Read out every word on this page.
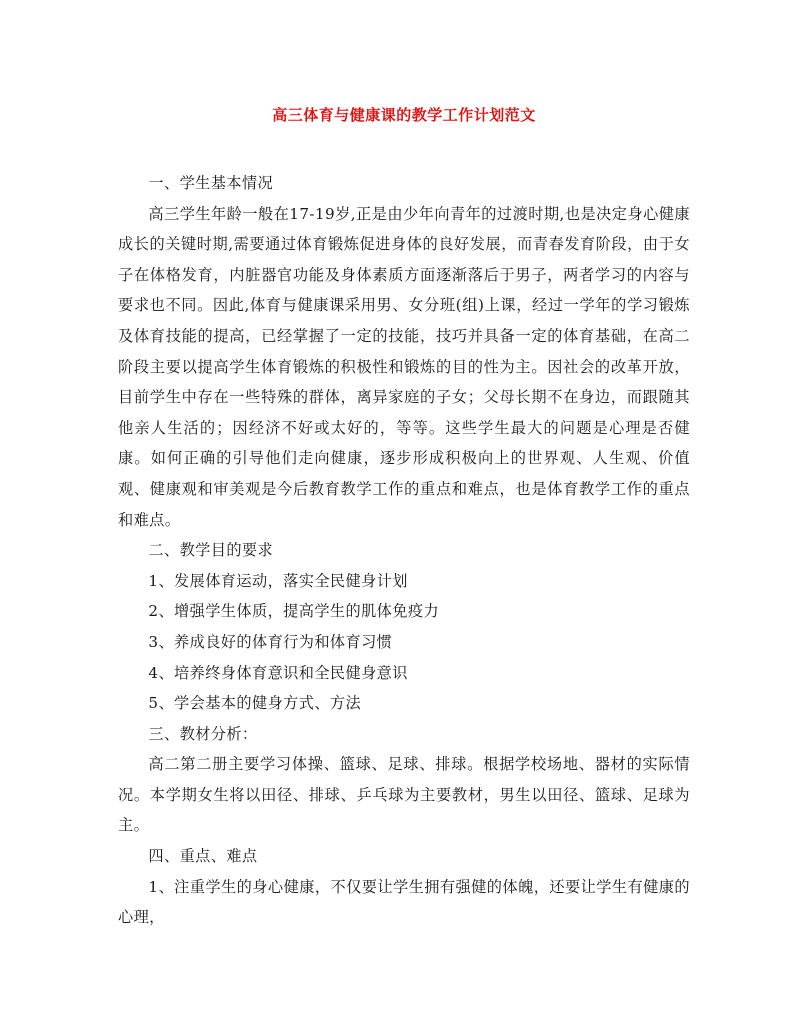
高三体育与健康课的教学工作计划范文

一、学生基本情况

高三学生年龄一般在17-19岁,正是由少年向青年的过渡时期,也是决定身心健康成长的关键时期,需要通过体育锻炼促进身体的良好发展，而青春发育阶段，由于女子在体格发育，内脏器官功能及身体素质方面逐渐落后于男子，两者学习的内容与要求也不同。因此,体育与健康课采用男、女分班(组)上课，经过一学年的学习锻炼及体育技能的提高，已经掌握了一定的技能，技巧并具备一定的体育基础，在高二阶段主要以提高学生体育锻炼的积极性和锻炼的目的性为主。因社会的改革开放，目前学生中存在一些特殊的群体，离异家庭的子女；父母长期不在身边，而跟随其他亲人生活的；因经济不好或太好的，等等。这些学生最大的问题是心理是否健康。如何正确的引导他们走向健康，逐步形成积极向上的世界观、人生观、价值观、健康观和审美观是今后教育教学工作的重点和难点，也是体育教学工作的重点和难点。

二、教学目的要求

1、发展体育运动，落实全民健身计划

2、增强学生体质，提高学生的肌体免疫力

3、养成良好的体育行为和体育习惯

4、培养终身体育意识和全民健身意识

5、学会基本的健身方式、方法

三、教材分析：

高二第二册主要学习体操、篮球、足球、排球。根据学校场地、器材的实际情况。本学期女生将以田径、排球、乒乓球为主要教材，男生以田径、篮球、足球为主。

四、重点、难点

1、注重学生的身心健康，不仅要让学生拥有强健的体魄，还要让学生有健康的心理，
